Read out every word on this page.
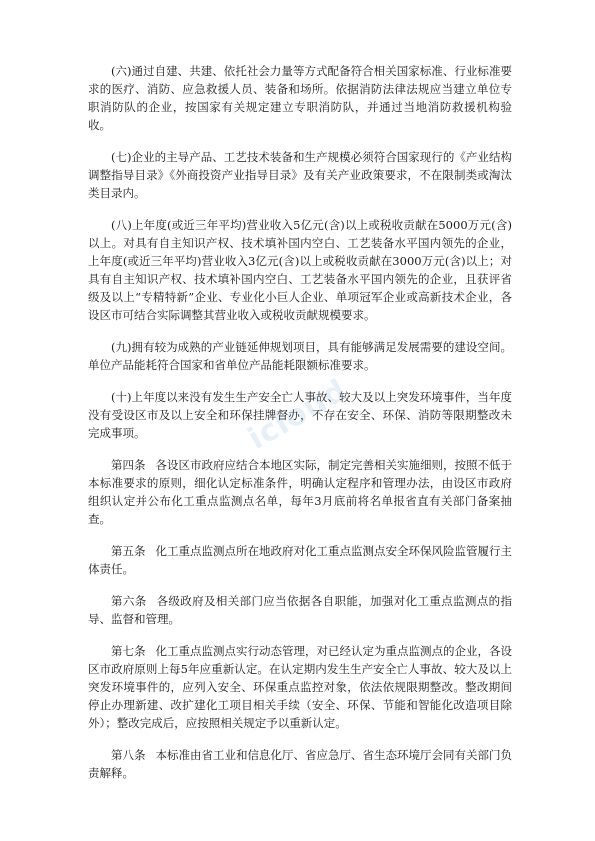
(六)通过自建、共建、依托社会力量等方式配备符合相关国家标准、行业标准要求的医疗、消防、应急救援人员、装备和场所。依据消防法律法规应当建立单位专职消防队的企业，按国家有关规定建立专职消防队，并通过当地消防救援机构验收。

(七)企业的主导产品、工艺技术装备和生产规模必须符合国家现行的《产业结构调整指导目录》《外商投资产业指导目录》及有关产业政策要求，不在限制类或淘汰类目录内。

(八)上年度(或近三年平均)营业收入5亿元(含)以上或税收贡献在5000万元(含)以上。对具有自主知识产权、技术填补国内空白、工艺装备水平国内领先的企业，上年度(或近三年平均)营业收入3亿元(含)以上或税收贡献在3000万元(含)以上；对具有自主知识产权、技术填补国内空白、工艺装备水平国内领先的企业，且获评省级及以上“专精特新”企业、专业化小巨人企业、单项冠军企业或高新技术企业，各设区市可结合实际调整其营业收入或税收贡献规模要求。

(九)拥有较为成熟的产业链延伸规划项目，具有能够满足发展需要的建设空间。单位产品能耗符合国家和省单位产品能耗限额标准要求。

(十)上年度以来没有发生生产安全亡人事故、较大及以上突发环境事件，当年度没有受设区市及以上安全和环保挂牌督办，不存在安全、环保、消防等限期整改未完成事项。

第四条 各设区市政府应结合本地区实际，制定完善相关实施细则，按照不低于本标准要求的原则，细化认定标准条件，明确认定程序和管理办法，由设区市政府组织认定并公布化工重点监测点名单，每年3月底前将名单报省直有关部门备案抽查。

第五条 化工重点监测点所在地政府对化工重点监测点安全环保风险监管履行主体责任。

第六条 各级政府及相关部门应当依据各自职能，加强对化工重点监测点的指导、监督和管理。

第七条 化工重点监测点实行动态管理，对已经认定为重点监测点的企业，各设区市政府原则上每5年应重新认定。在认定期内发生生产安全亡人事故、较大及以上突发环境事件的，应列入安全、环保重点监控对象，依法依规限期整改。整改期间停止办理新建、改扩建化工项目相关手续（安全、环保、节能和智能化改造项目除外）；整改完成后，应按照相关规定予以重新认定。

第八条 本标准由省工业和信息化厅、省应急厅、省生态环境厅会同有关部门负责解释。

icloud
